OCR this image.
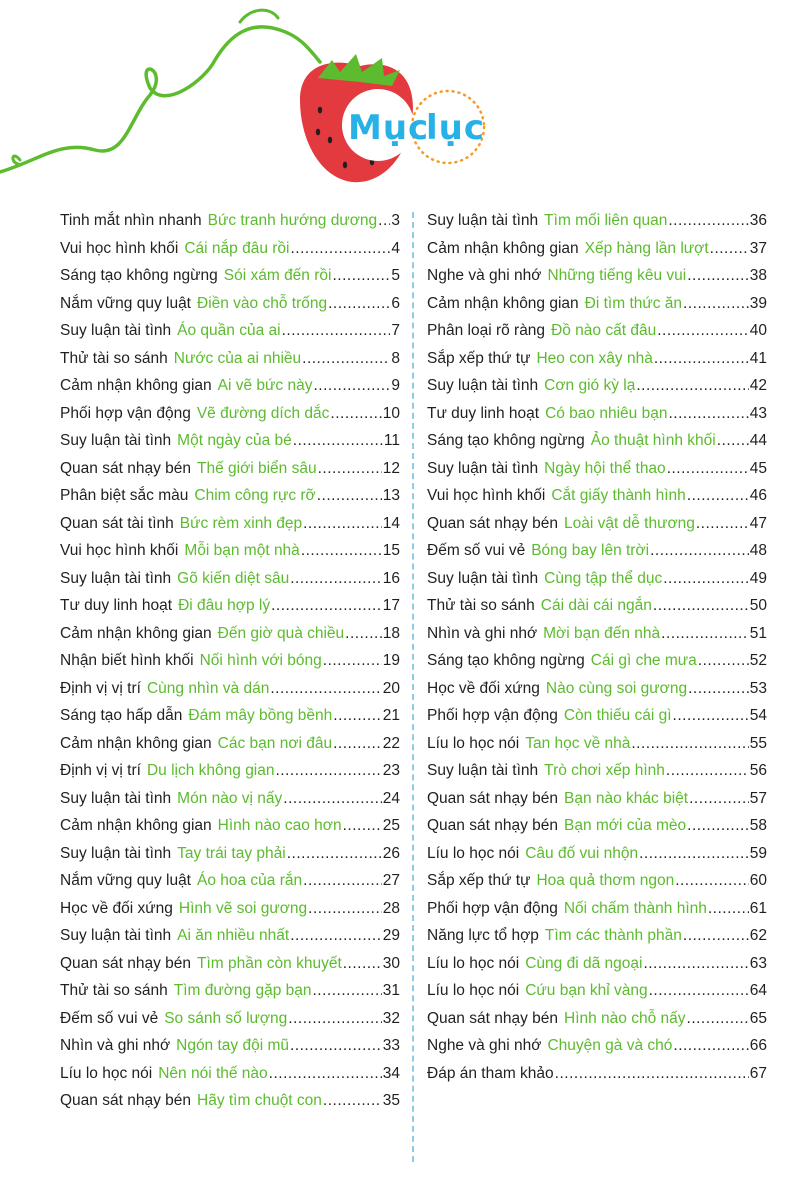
Mục
lục
Tinh mắt nhìn nhanh Bức tranh hướng dương ..... 3
Vui học hình khối Cái nắp đâu rồi .....	4
Sáng tạo không ngừng Sói xám đến rồi .....	5
Nắm vững quy luật Điền vào chỗ trống .....	6
Suy luận tài tình Áo quần của ai .....	7
Thử tài so sánh Nước của ai nhiều .....	8
Cảm nhận không gian Ai vẽ bức này .....	9
Phối hợp vận động Vẽ đường dích dắc .....	10
Suy luận tài tình Một ngày của bé .....	11
Quan sát nhạy bén Thế giới biển sâu .....	12
Phân biệt sắc màu Chim công rực rỡ .....	13
Quan sát tài tình Bức rèm xinh đẹp .....	14
Vui học hình khối Mỗi bạn một nhà .....	15
Suy luận tài tình Gõ kiến diệt sâu .....	16
Tư duy linh hoạt Đi đâu hợp lý .....	17
Cảm nhận không gian Đến giờ quà chiều ..... 18
Nhận biết hình khối Nối hình với bóng .....	19
Định vị vị trí Cùng nhìn và dán .....	20
Sáng tạo hấp dẫn Đám mây bồng bềnh .....	21
Cảm nhận không gian Các bạn nơi đâu .....	22
Định vị vị trí Du lịch không gian .....	23
Suy luận tài tình Món nào vị nấy .....	24
Cảm nhận không gian Hình nào cao hơn .....	25
Suy luận tài tình Tay trái tay phải .....	26
Nắm vững quy luật Áo hoa của rắn .....	27
Học về đối xứng Hình vẽ soi gương .....	28
Suy luận tài tình Ai ăn nhiều nhất .....	29
Quan sát nhạy bén Tìm phần còn khuyết .....	30
Thử tài so sánh Tìm đường gặp bạn .....	31
Đếm số vui vẻ So sánh số lượng .....	32
Nhìn và ghi nhớ Ngón tay đội mũ .....	33
Líu lo học nói Nên nói thế nào .....	34
Quan sát nhạy bén Hãy tìm chuột con .....	35
Suy luận tài tình Tìm mối liên quan .....	36
Cảm nhận không gian Xếp hàng lần lượt .....	37
Nghe và ghi nhớ Những tiếng kêu vui .....	38
Cảm nhận không gian Đi tìm thức ăn .....	39
Phân loại rõ ràng Đồ nào cất đâu .....	40
Sắp xếp thứ tự Heo con xây nhà .....	41
Suy luận tài tình Cơn gió kỳ lạ .....	42
Tư duy linh hoạt Có bao nhiêu bạn .....	43
Sáng tạo không ngừng Ảo thuật hình khối ..... 44
Suy luận tài tình Ngày hội thể thao .....	45
Vui học hình khối Cắt giấy thành hình .....	46
Quan sát nhạy bén Loài vật dễ thương .....	47
Đếm số vui vẻ Bóng bay lên trời .....	48
Suy luận tài tình Cùng tập thể dục .....	49
Thử tài so sánh Cái dài cái ngắn .....	50
Nhìn và ghi nhớ Mời bạn đến nhà .....	51
Sáng tạo không ngừng Cái gì che mưa .....	52
Học về đối xứng Nào cùng soi gương .....	53
Phối hợp vận động Còn thiếu cái gì .....	54
Líu lo học nói Tan học về nhà .....	55
Suy luận tài tình Trò chơi xếp hình .....	56
Quan sát nhạy bén Bạn nào khác biệt .....	57
Quan sát nhạy bén Bạn mới của mèo .....	58
Líu lo học nói Câu đố vui nhộn .....	59
Sắp xếp thứ tự Hoa quả thơm ngon .....	60
Phối hợp vận động Nối chấm thành hình .....	61
Năng lực tổ hợp Tìm các thành phần .....	62
Líu lo học nói Cùng đi dã ngoại .....	63
Líu lo học nói Cứu bạn khỉ vàng .....	64
Quan sát nhạy bén Hình nào chỗ nấy .....	65
Nghe và ghi nhớ Chuyện gà và chó .....	66
Đáp án tham khảo .....	67
